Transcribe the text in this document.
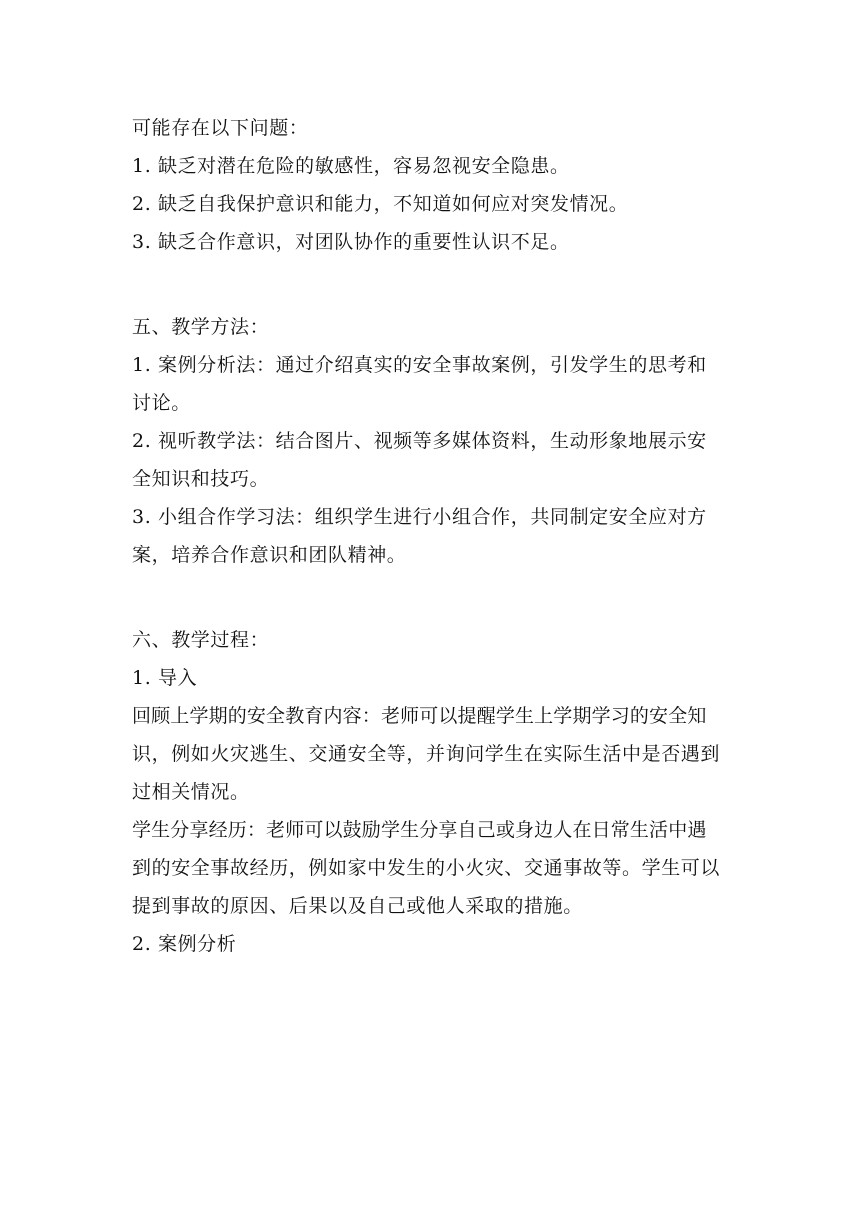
可能存在以下问题：
1. 缺乏对潜在危险的敏感性，容易忽视安全隐患。
2. 缺乏自我保护意识和能力，不知道如何应对突发情况。
3. 缺乏合作意识，对团队协作的重要性认识不足。
五、教学方法：
1. 案例分析法：通过介绍真实的安全事故案例，引发学生的思考和
讨论。
2. 视听教学法：结合图片、视频等多媒体资料，生动形象地展示安
全知识和技巧。
3. 小组合作学习法：组织学生进行小组合作，共同制定安全应对方
案，培养合作意识和团队精神。
六、教学过程：
1. 导入
回顾上学期的安全教育内容：老师可以提醒学生上学期学习的安全知
识，例如火灾逃生、交通安全等，并询问学生在实际生活中是否遇到
过相关情况。
学生分享经历：老师可以鼓励学生分享自己或身边人在日常生活中遇
到的安全事故经历，例如家中发生的小火灾、交通事故等。学生可以
提到事故的原因、后果以及自己或他人采取的措施。
2. 案例分析
